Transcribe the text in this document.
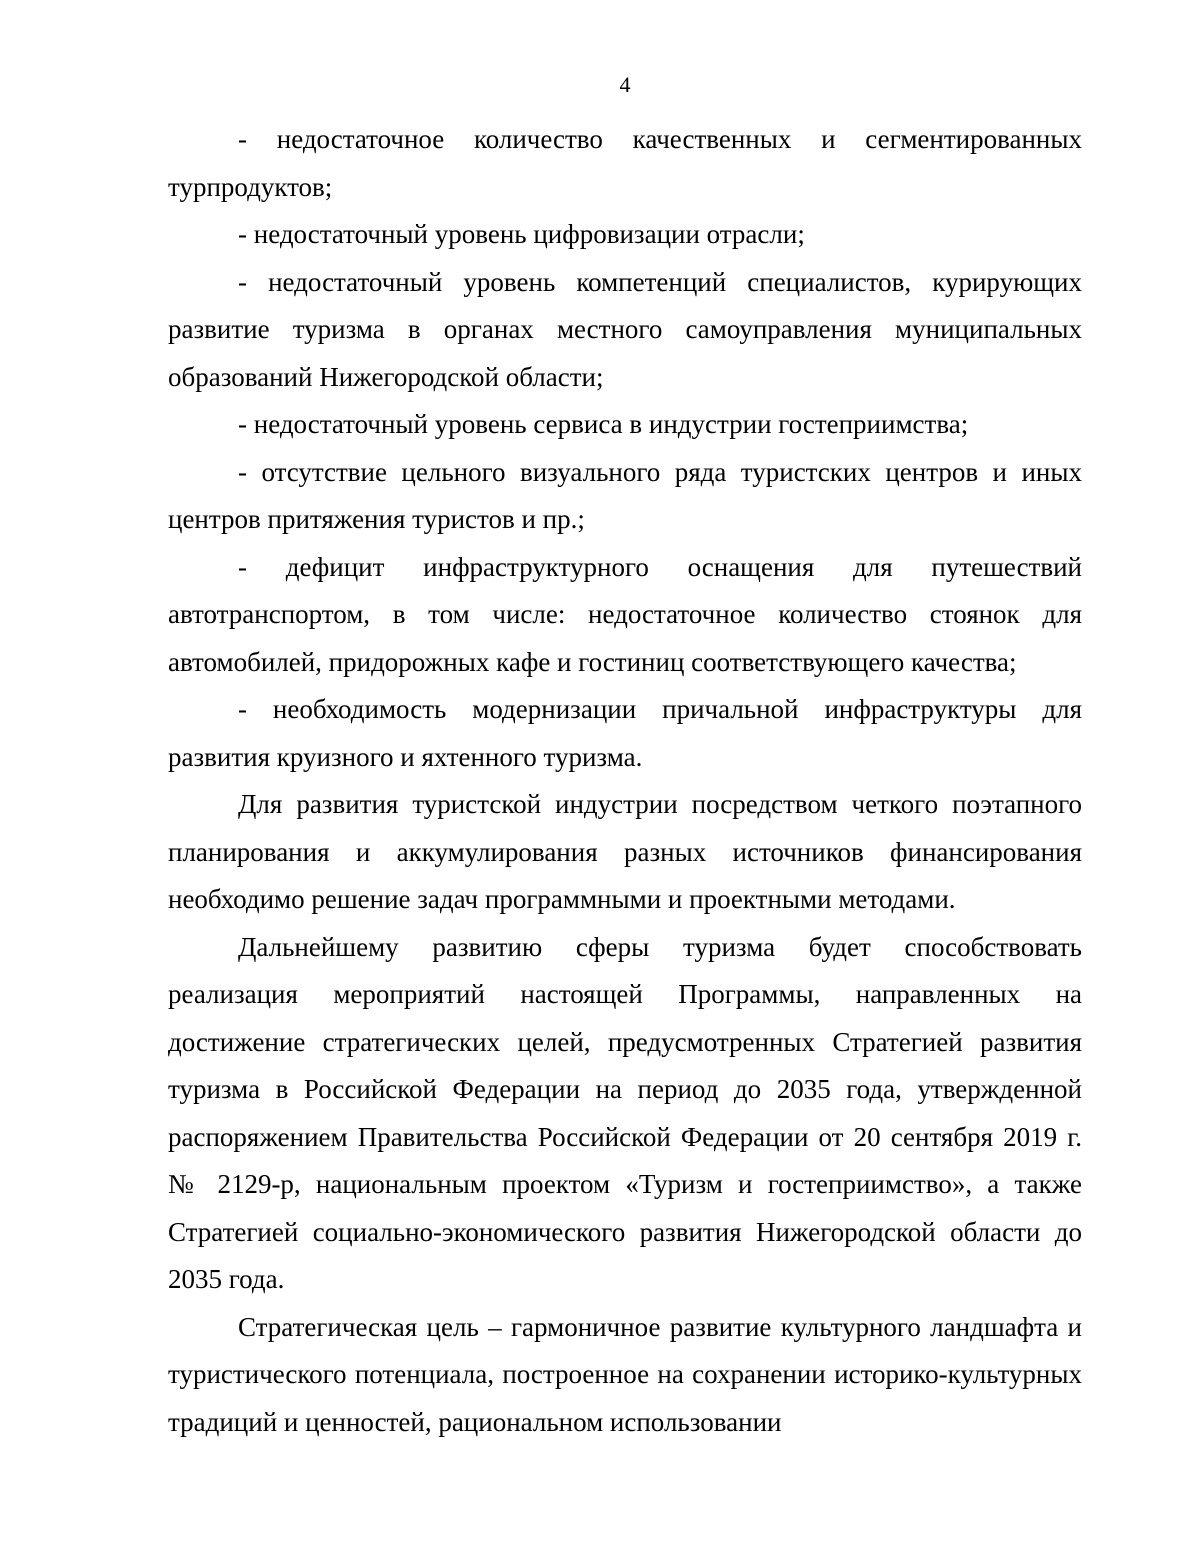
4

- недостаточное количество качественных и сегментированных турпродуктов;

- недостаточный уровень цифровизации отрасли;

- недостаточный уровень компетенций специалистов, курирующих развитие туризма в органах местного самоуправления муниципальных образований Нижегородской области;

- недостаточный уровень сервиса в индустрии гостеприимства;

- отсутствие цельного визуального ряда туристских центров и иных центров притяжения туристов и пр.;

- дефицит инфраструктурного оснащения для путешествий автотранспортом, в том числе: недостаточное количество стоянок для автомобилей, придорожных кафе и гостиниц соответствующего качества;

- необходимость модернизации причальной инфраструктуры для развития круизного и яхтенного туризма.

Для развития туристской индустрии посредством четкого поэтапного планирования и аккумулирования разных источников финансирования необходимо решение задач программными и проектными методами.

Дальнейшему развитию сферы туризма будет способствовать реализация мероприятий настоящей Программы, направленных на достижение стратегических целей, предусмотренных Стратегией развития туризма в Российской Федерации на период до 2035 года, утвержденной распоряжением Правительства Российской Федерации от 20 сентября 2019 г. № 2129-р, национальным проектом «Туризм и гостеприимство», а также Стратегией социально-экономического развития Нижегородской области до 2035 года.

Стратегическая цель – гармоничное развитие культурного ландшафта и туристического потенциала, построенное на сохранении историко-культурных традиций и ценностей, рациональном использовании
